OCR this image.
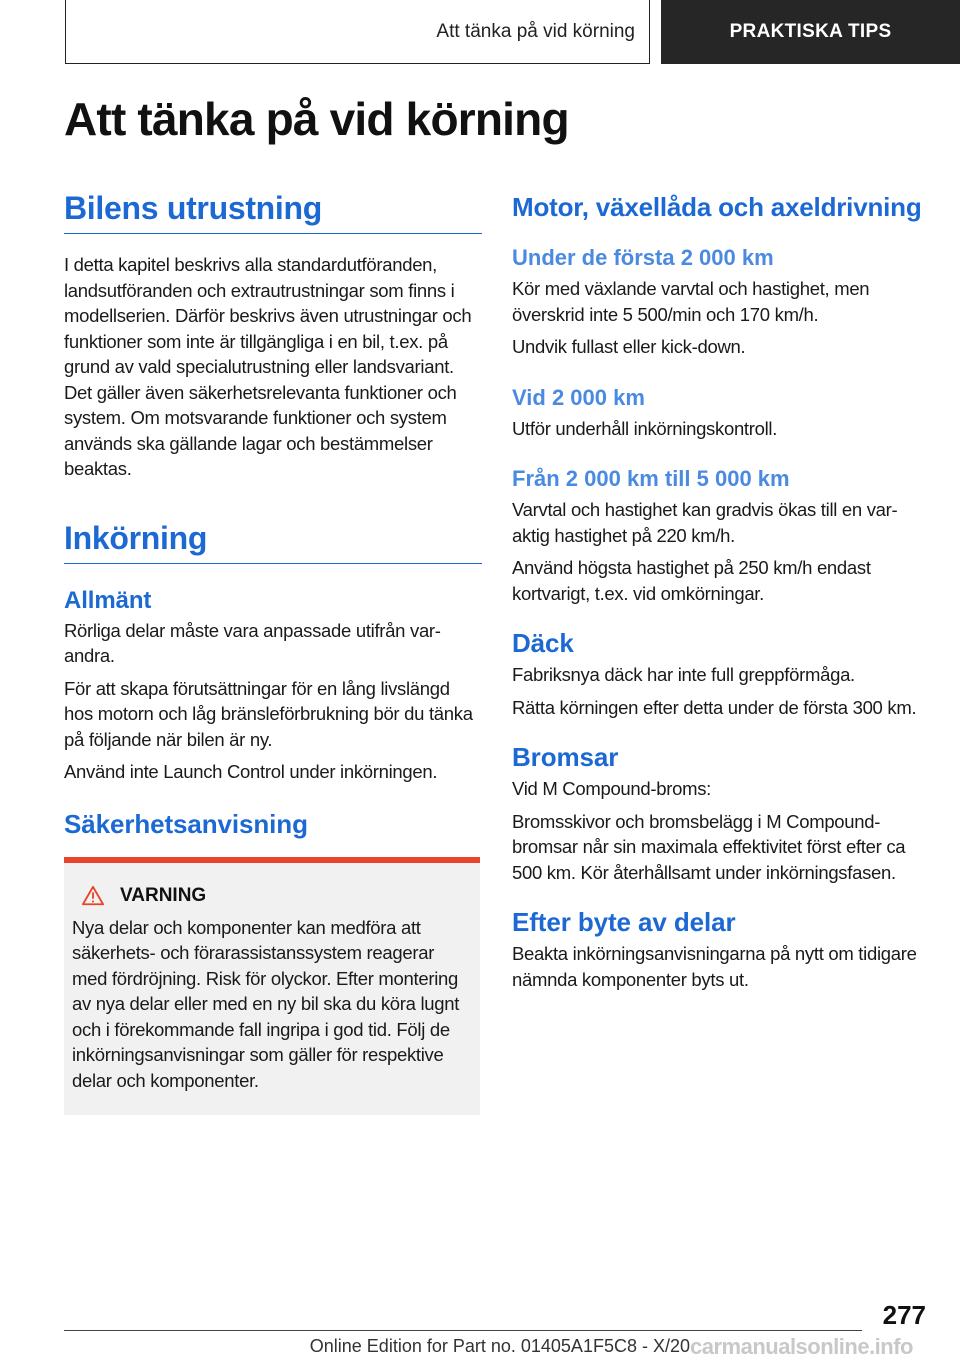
Att tänka på vid körning	PRAKTISKA TIPS
Att tänka på vid körning
Bilens utrustning

I detta kapitel beskrivs alla standardutföranden, landsutföranden och extrautrustningar som finns i modellserien. Därför beskrivs även utrustningar och funktioner som inte är tillgängliga i en bil, t.ex. på grund av vald specialutrustning eller landsvariant. Det gäller även säkerhetsrelevanta funktioner och system. Om motsvarande funktioner och system används ska gällande lagar och bestämmelser beaktas.

Inkörning
Allmänt

Rörliga delar måste vara anpassade utifrån varandra.

För att skapa förutsättningar för en lång livslängd hos motorn och låg bränsleförbrukning bör du tänka på följande när bilen är ny.

Använd inte Launch Control under inkörningen.

Säkerhetsanvisning
VARNING

Nya delar och komponenter kan medföra att säkerhets- och förarassistanssystem reagerar med fördröjning. Risk för olyckor. Efter montering av nya delar eller med en ny bil ska du köra lugnt och i förekommande fall ingripa i god tid. Följ de inkörningsanvisningar som gäller för respektive delar och komponenter.

Motor, växellåda och axeldrivning
Under de första 2 000 km

Kör med växlande varvtal och hastighet, men överskrid inte 5 500/min och 170 km/h.

Undvik fullast eller kick-down.

Vid 2 000 km

Utför underhåll inkörningskontroll.

Från 2 000 km till 5 000 km

Varvtal och hastighet kan gradvis ökas till en varaktig hastighet på 220 km/h.

Använd högsta hastighet på 250 km/h endast kortvarigt, t.ex. vid omkörningar.

Däck

Fabriksnya däck har inte full greppförmåga.

Rätta körningen efter detta under de första 300 km.

Bromsar

Vid M Compound-broms:

Bromsskivor och bromsbelägg i M Compound-bromsar når sin maximala effektivitet först efter ca 500 km. Kör återhållsamt under inkörningsfasen.

Efter byte av delar

Beakta inkörningsanvisningarna på nytt om tidigare nämnda komponenter byts ut.

277
Online Edition for Part no. 01405A1F5C8 - X/20 carmanualsonline.info
